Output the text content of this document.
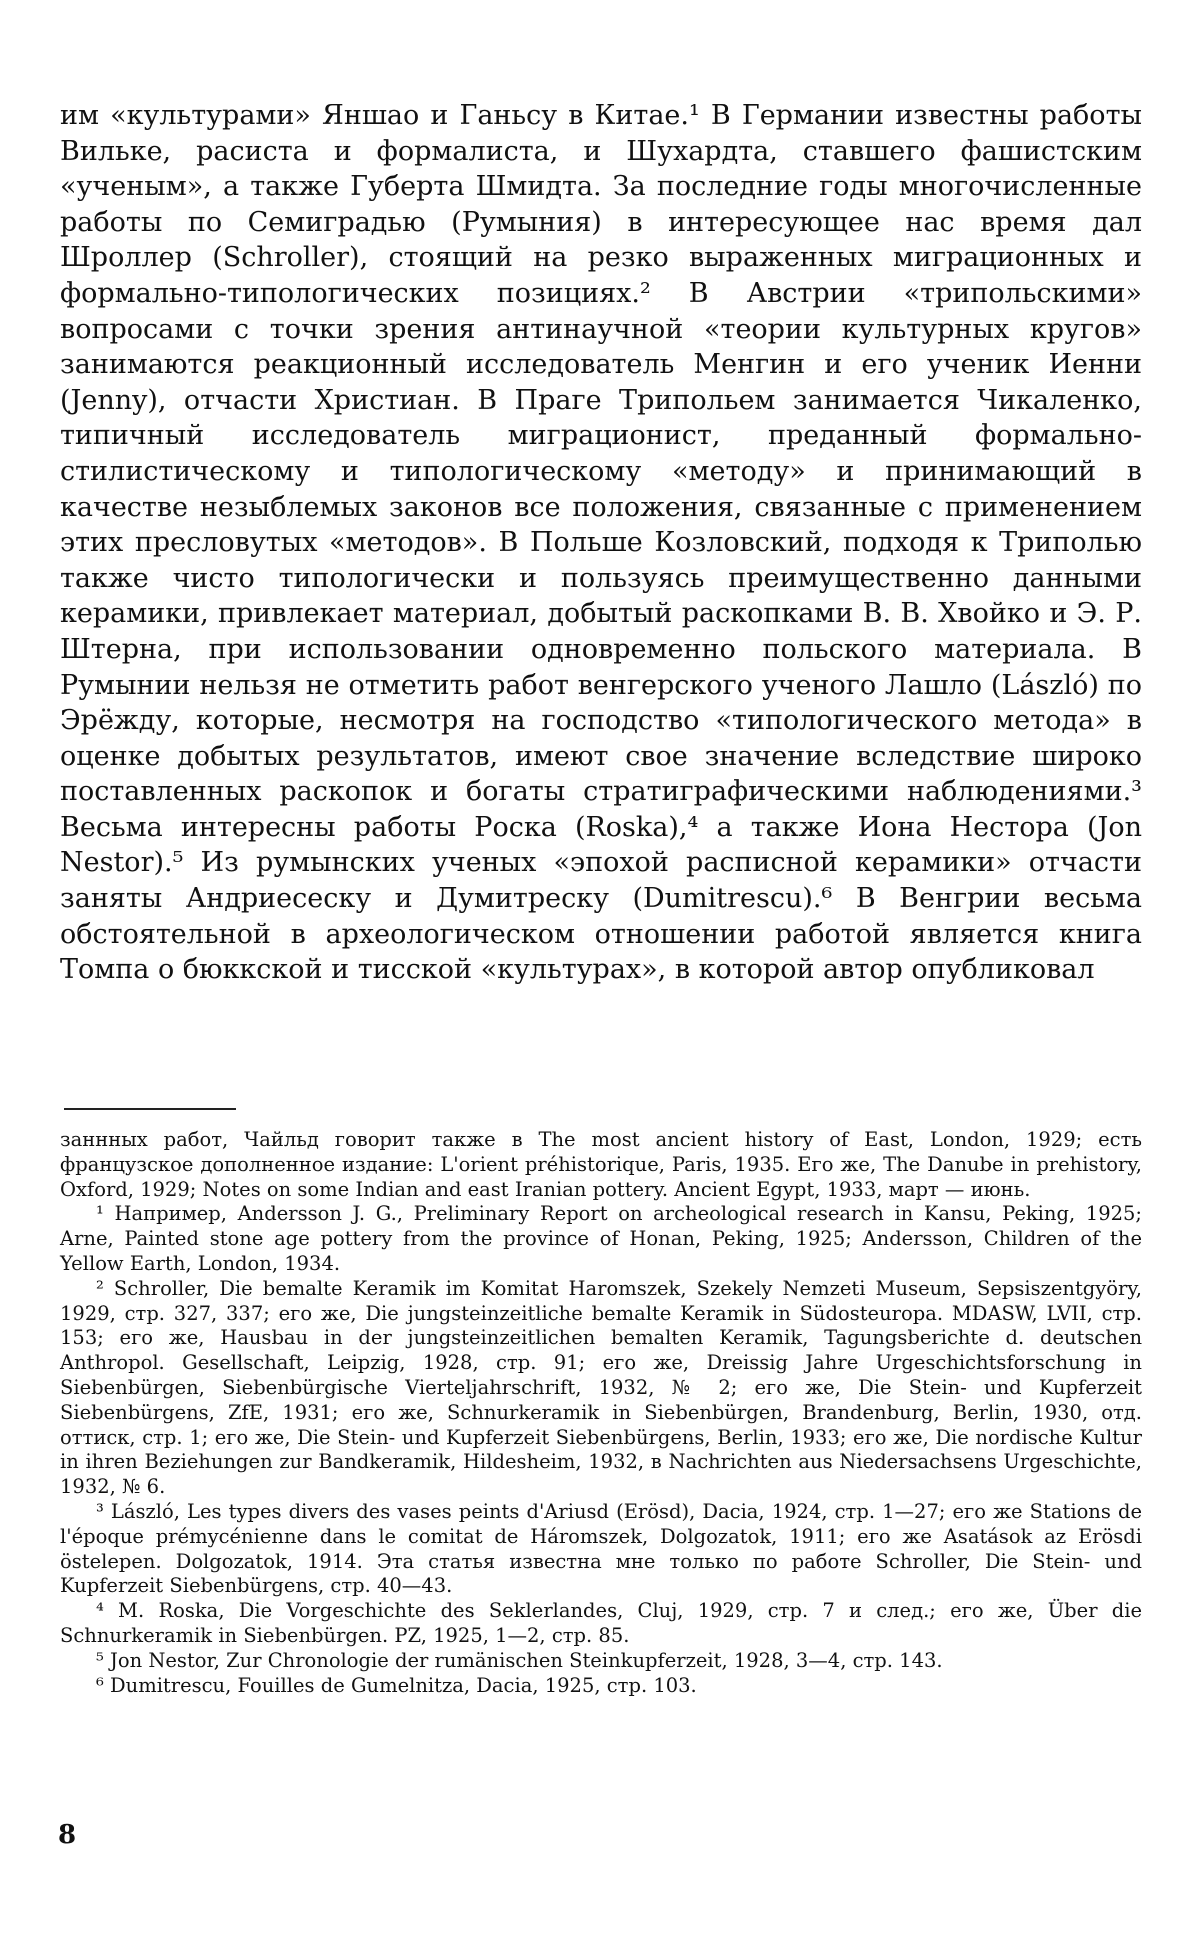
им «культурами» Яншао и Ганьсу в Китае.¹ В Германии известны работы Вильке, расиста и формалиста, и Шухардта, ставшего фашистским «ученым», а также Губерта Шмидта. За последние годы многочисленные работы по Семиградью (Румыния) в интересующее нас время дал Шроллер (Schroller), стоящий на резко выраженных миграционных и формально-типологических позициях.² В Австрии «трипольскими» вопросами с точки зрения антинаучной «теории культурных кругов» занимаются реакционный исследователь Менгин и его ученик Иенни (Jenny), отчасти Христиан. В Праге Трипольем занимается Чикаленко, типичный исследователь миграционист, преданный формально-стилистическому и типологическому «методу» и принимающий в качестве незыблемых законов все положения, связанные с применением этих пресловутых «методов». В Польше Козловский, подходя к Триполью также чисто типологически и пользуясь преимущественно данными керамики, привлекает материал, добытый раскопками В. В. Хвойко и Э. Р. Штерна, при использовании одновременно польского материала. В Румынии нельзя не отметить работ венгерского ученого Лашло (László) по Эрёжду, которые, несмотря на господство «типологического метода» в оценке добытых результатов, имеют свое значение вследствие широко поставленных раскопок и богаты стратиграфическими наблюдениями.³ Весьма интересны работы Роска (Roska),⁴ а также Иона Нестора (Jon Nestor).⁵ Из румынских ученых «эпохой расписной керамики» отчасти заняты Андриесеску и Думитреску (Dumitrescu).⁶ В Венгрии весьма обстоятельной в археологическом отношении работой является книга Томпа о бюккской и тисской «культурах», в которой автор опубликовал

заннных работ, Чайльд говорит также в The most ancient history of East, London, 1929; есть французское дополненное издание: L'orient préhistorique, Paris, 1935. Его же, The Danube in prehistory, Oxford, 1929; Notes on some Indian and east Iranian pottery. Ancient Egypt, 1933, март — июнь.

¹ Например, Andersson J. G., Preliminary Report on archeological research in Kansu, Peking, 1925; Arne, Painted stone age pottery from the province of Honan, Peking, 1925; Andersson, Children of the Yellow Earth, London, 1934.

² Schroller, Die bemalte Keramik im Komitat Haromszek, Szekely Nemzeti Museum, Sepsiszentgyöry, 1929, стр. 327, 337; его же, Die jungsteinzeitliche bemalte Keramik in Südosteuropa. MDASW, LVII, стр. 153; его же, Hausbau in der jungsteinzeitlichen bemalten Keramik, Tagungsberichte d. deutschen Anthropol. Gesellschaft, Leipzig, 1928, стр. 91; его же, Dreissig Jahre Urgeschichtsforschung in Siebenbürgen, Siebenbürgische Vierteljahrschrift, 1932, № 2; его же, Die Stein- und Kupferzeit Siebenbürgens, ZfE, 1931; его же, Schnurkeramik in Siebenbürgen, Brandenburg, Berlin, 1930, отд. оттиск, стр. 1; его же, Die Stein- und Kupferzeit Siebenbürgens, Berlin, 1933; его же, Die nordische Kultur in ihren Beziehungen zur Bandkeramik, Hildesheim, 1932, в Nachrichten aus Niedersachsens Urgeschichte, 1932, № 6.

³ László, Les types divers des vases peints d'Ariusd (Erösd), Dacia, 1924, стр. 1—27; его же Stations de l'époque prémycénienne dans le comitat de Háromszek, Dolgozatok, 1911; его же Asatások az Erösdi östelepen. Dolgozatok, 1914. Эта статья известна мне только по работе Schroller, Die Stein- und Kupferzeit Siebenbürgens, стр. 40—43.

⁴ M. Roska, Die Vorgeschichte des Seklerlandes, Cluj, 1929, стр. 7 и след.; его же, Über die Schnurkeramik in Siebenbürgen. PZ, 1925, 1—2, стр. 85.

⁵ Jon Nestor, Zur Chronologie der rumänischen Steinkupferzeit, 1928, 3—4, стр. 143.

⁶ Dumitrescu, Fouilles de Gumelnitza, Dacia, 1925, стр. 103.

8
